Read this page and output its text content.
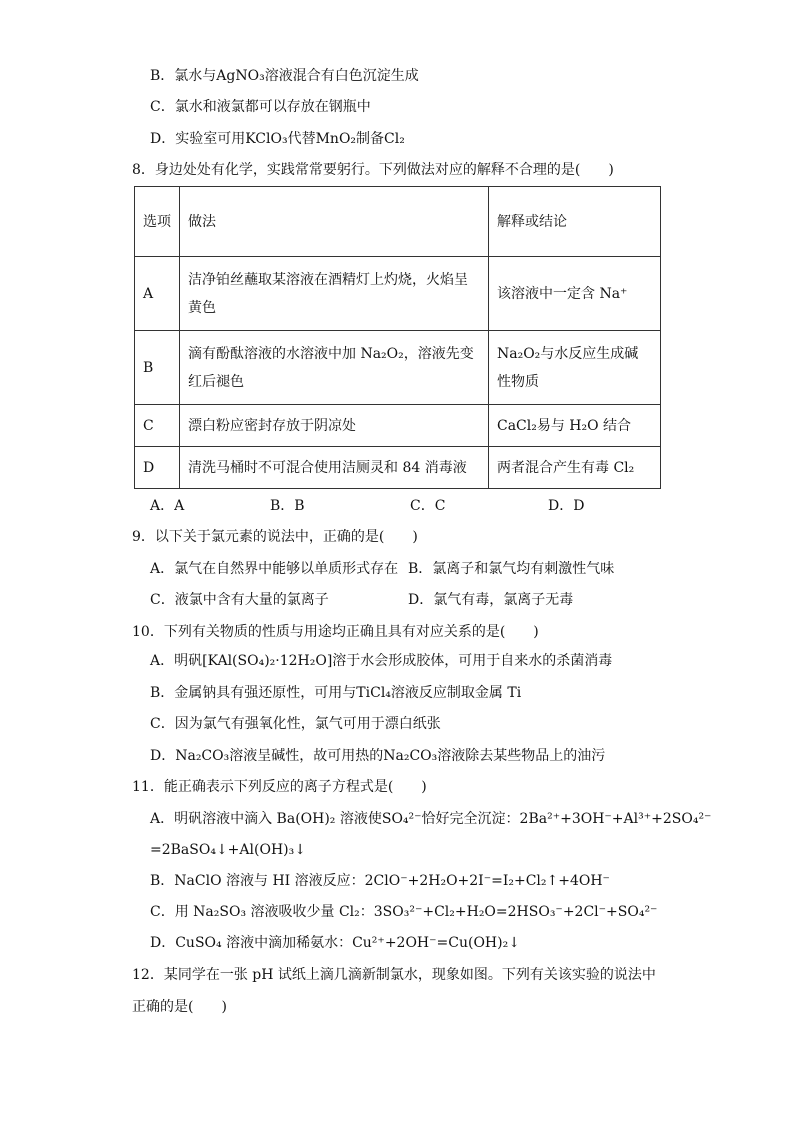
B．氯水与AgNO₃溶液混合有白色沉淀生成
C．氯水和液氯都可以存放在钢瓶中
D．实验室可用KClO₃代替MnO₂制备Cl₂
8．身边处处有化学，实践常常要躬行。下列做法对应的解释不合理的是(　　)
选项	做法	解释或结论
A	洁净铂丝蘸取某溶液在酒精灯上灼烧，火焰呈黄色	该溶液中一定含 Na⁺
B	滴有酚酞溶液的水溶液中加 Na₂O₂，溶液先变红后褪色	Na₂O₂与水反应生成碱性物质
C	漂白粉应密封存放于阴凉处	CaCl₂易与 H₂O 结合
D	清洗马桶时不可混合使用洁厕灵和 84 消毒液	两者混合产生有毒 Cl₂
A．A	B．B	C．C	D．D
9．以下关于氯元素的说法中，正确的是(　　)
A．氯气在自然界中能够以单质形式存在 B．氯离子和氯气均有刺激性气味
C．液氯中含有大量的氯离子	D．氯气有毒，氯离子无毒
10．下列有关物质的性质与用途均正确且具有对应关系的是(　　)
A．明矾[KAl(SO₄)₂·12H₂O]溶于水会形成胶体，可用于自来水的杀菌消毒
B．金属钠具有强还原性，可用与TiCl₄溶液反应制取金属 Ti
C．因为氯气有强氧化性，氯气可用于漂白纸张
D．Na₂CO₃溶液呈碱性，故可用热的Na₂CO₃溶液除去某些物品上的油污
11．能正确表示下列反应的离子方程式是(　　)
A．明矾溶液中滴入 Ba(OH)₂ 溶液使SO₄²⁻恰好完全沉淀：2Ba²⁺+3OH⁻+Al³⁺+2SO₄²⁻
=2BaSO₄↓+Al(OH)₃↓
B．NaClO 溶液与 HI 溶液反应：2ClO⁻+2H₂O+2I⁻=I₂+Cl₂↑+4OH⁻
C．用 Na₂SO₃ 溶液吸收少量 Cl₂：3SO₃²⁻+Cl₂+H₂O=2HSO₃⁻+2Cl⁻+SO₄²⁻
D．CuSO₄ 溶液中滴加稀氨水：Cu²⁺+2OH⁻=Cu(OH)₂↓
12．某同学在一张 pH 试纸上滴几滴新制氯水，现象如图。下列有关该实验的说法中
正确的是(　　)
